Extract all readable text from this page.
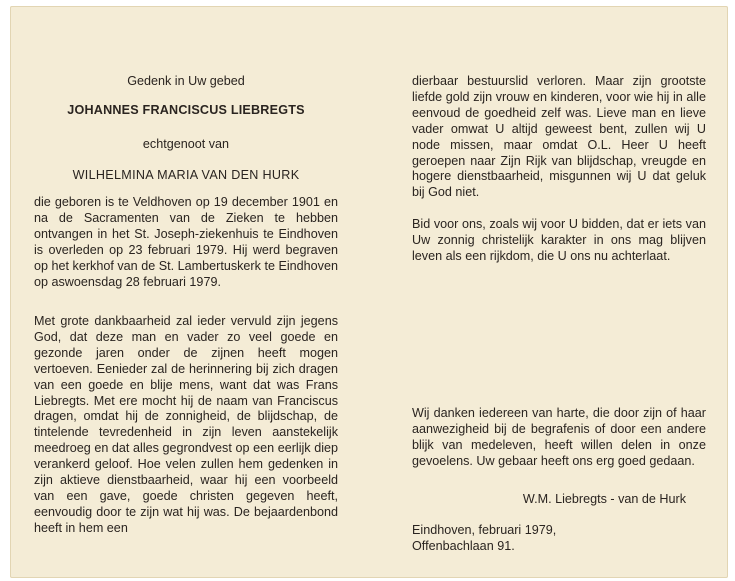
Gedenk in Uw gebed
JOHANNES FRANCISCUS LIEBREGTS
echtgenoot van
WILHELMINA MARIA VAN DEN HURK

die geboren is te Veldhoven op 19 december 1901 en na de Sacramenten van de Zieken te hebben ontvangen in het St. Joseph-ziekenhuis te Eindhoven is overleden op 23 februari 1979. Hij werd begraven op het kerkhof van de St. Lambertuskerk te Eindhoven op aswoensdag 28 februari 1979.

Met grote dankbaarheid zal ieder vervuld zijn jegens God, dat deze man en vader zo veel goede en gezonde jaren onder de zijnen heeft mogen vertoeven. Eenieder zal de herinnering bij zich dragen van een goede en blije mens, want dat was Frans Liebregts. Met ere mocht hij de naam van Franciscus dragen, omdat hij de zonnigheid, de blijdschap, de tintelende tevredenheid in zijn leven aanstekelijk meedroeg en dat alles gegrondvest op een eerlijk diep verankerd geloof. Hoe velen zullen hem gedenken in zijn aktieve dienstbaarheid, waar hij een voorbeeld van een gave, goede christen gegeven heeft, eenvoudig door te zijn wat hij was. De bejaardenbond heeft in hem een

dierbaar bestuurslid verloren. Maar zijn grootste liefde gold zijn vrouw en kinderen, voor wie hij in alle eenvoud de goedheid zelf was. Lieve man en lieve vader omwat U altijd geweest bent, zullen wij U node missen, maar omdat O.L. Heer U heeft geroepen naar Zijn Rijk van blijdschap, vreugde en hogere dienstbaarheid, misgunnen wij U dat geluk bij God niet.

Bid voor ons, zoals wij voor U bidden, dat er iets van Uw zonnig christelijk karakter in ons mag blijven leven als een rijkdom, die U ons nu achterlaat.

Wij danken iedereen van harte, die door zijn of haar aanwezigheid bij de begrafenis of door een andere blijk van medeleven, heeft willen delen in onze gevoelens. Uw gebaar heeft ons erg goed gedaan.

W.M. Liebregts - van de Hurk
Eindhoven, februari 1979,
Offenbachlaan 91.
